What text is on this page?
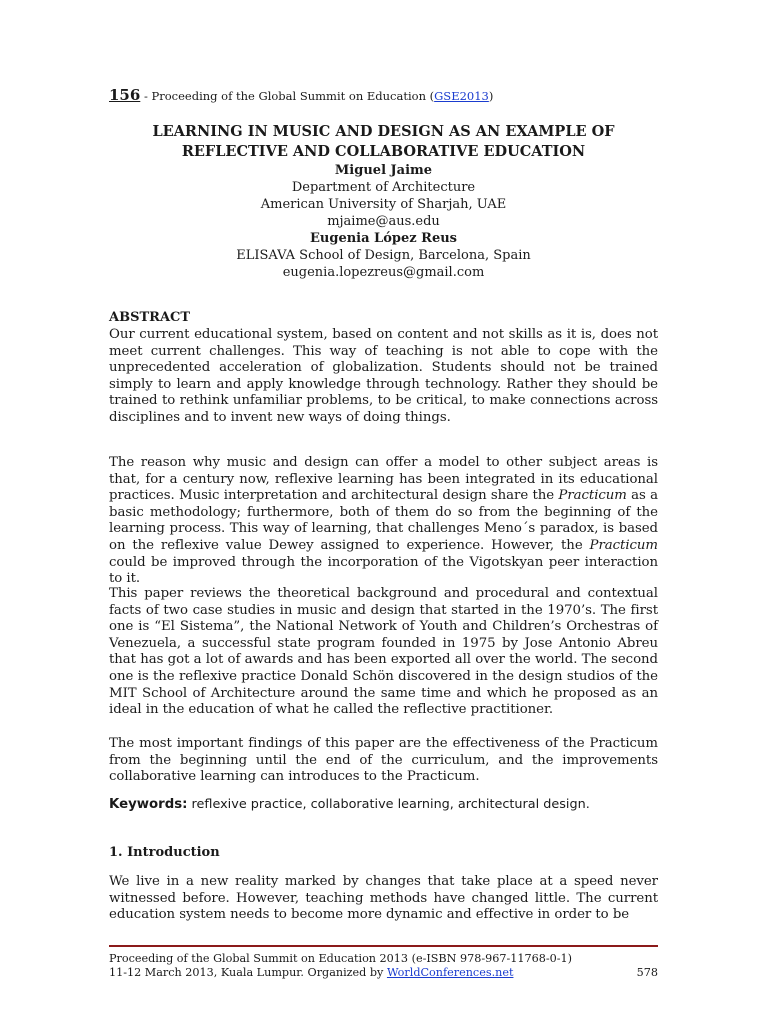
156 - Proceeding of the Global Summit on Education (GSE2013)
LEARNING IN MUSIC AND DESIGN AS AN EXAMPLE OF
REFLECTIVE AND COLLABORATIVE EDUCATION
Miguel Jaime
Department of Architecture
American University of Sharjah, UAE
mjaime@aus.edu
Eugenia López Reus
ELISAVA School of Design, Barcelona, Spain
eugenia.lopezreus@gmail.com
ABSTRACT

Our current educational system, based on content and not skills as it is, does not meet current challenges. This way of teaching is not able to cope with the unprecedented acceleration of globalization. Students should not be trained simply to learn and apply knowledge through technology. Rather they should be trained to rethink unfamiliar problems, to be critical, to make connections across disciplines and to invent new ways of doing things.

The reason why music and design can offer a model to other subject areas is that, for a century now, reflexive learning has been integrated in its educational practices. Music interpretation and architectural design share the Practicum as a basic methodology; furthermore, both of them do so from the beginning of the learning process. This way of learning, that challenges Meno´s paradox, is based on the reflexive value Dewey assigned to experience. However, the Practicum could be improved through the incorporation of the Vigotskyan peer interaction to it.

This paper reviews the theoretical background and procedural and contextual facts of two case studies in music and design that started in the 1970’s. The first one is “El Sistema”, the National Network of Youth and Children’s Orchestras of Venezuela, a successful state program founded in 1975 by Jose Antonio Abreu that has got a lot of awards and has been exported all over the world. The second one is the reflexive practice Donald Schön discovered in the design studios of the MIT School of Architecture around the same time and which he proposed as an ideal in the education of what he called the reflective practitioner.

The most important findings of this paper are the effectiveness of the Practicum from the beginning until the end of the curriculum, and the improvements collaborative learning can introduces to the Practicum.

Keywords: reflexive practice, collaborative learning, architectural design.
1. Introduction

We live in a new reality marked by changes that take place at a speed never witnessed before. However, teaching methods have changed little. The current education system needs to become more dynamic and effective in order to be

Proceeding of the Global Summit on Education 2013 (e-ISBN 978-967-11768-0-1)
11-12 March 2013, Kuala Lumpur. Organized by WorldConferences.net	578
